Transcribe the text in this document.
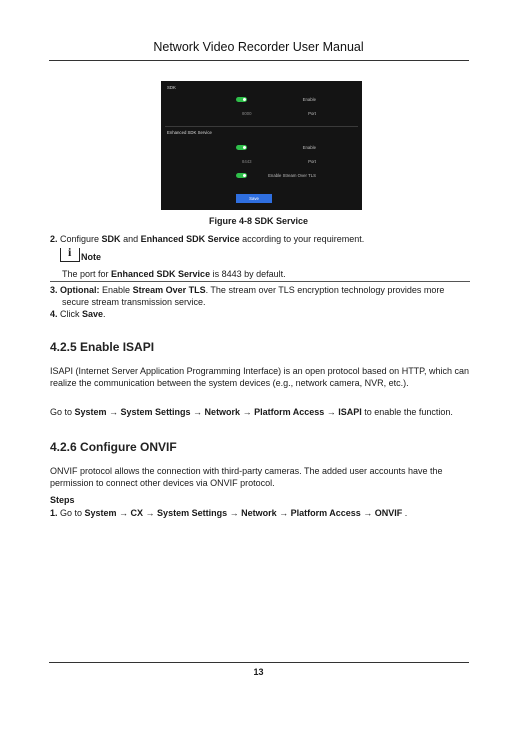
Network Video Recorder User Manual
SDK
Enable
Port
8000
Enhanced SDK Service
Enable
Port
8443
Enable Stream Over TLS
Save
Figure 4-8 SDK Service
2. Configure SDK and Enhanced SDK Service according to your requirement.
i
Note
The port for Enhanced SDK Service is 8443 by default.
3. Optional: Enable Stream Over TLS. The stream over TLS encryption technology provides more
secure stream transmission service.
4. Click Save.
4.2.5 Enable ISAPI
ISAPI (Internet Server Application Programming Interface) is an open protocol based on HTTP, which can realize the communication between the system devices (e.g., network camera, NVR, etc.).
Go to System → System Settings → Network → Platform Access → ISAPI to enable the function.
4.2.6 Configure ONVIF
ONVIF protocol allows the connection with third-party cameras. The added user accounts have the permission to connect other devices via ONVIF protocol.
Steps
1. Go to System → CX → System Settings → Network → Platform Access → ONVIF .
13
